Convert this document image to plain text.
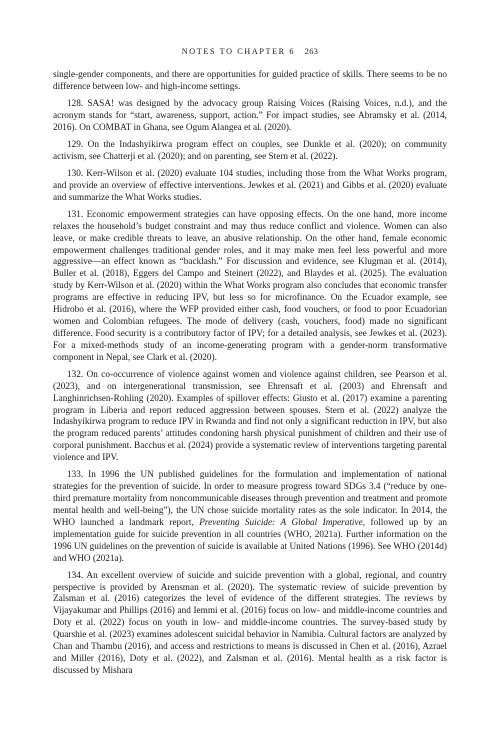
NOTES TO CHAPTER 6 263

single-gender components, and there are opportunities for guided practice of skills. There seems to be no difference between low- and high-income settings.

128. SASA! was designed by the advocacy group Raising Voices (Raising Voices, n.d.), and the acronym stands for “start, awareness, support, action.” For impact studies, see Abramsky et al. (2014, 2016). On COMBAT in Ghana, see Ogum Alangea et al. (2020).

129. On the Indashyikirwa program effect on couples, see Dunkle et al. (2020); on community activism, see Chatterji et al. (2020); and on parenting, see Stern et al. (2022).

130. Kerr-Wilson et al. (2020) evaluate 104 studies, including those from the What Works program, and provide an overview of effective interventions. Jewkes et al. (2021) and Gibbs et al. (2020) evaluate and summarize the What Works studies.

131. Economic empowerment strategies can have opposing effects. On the one hand, more income relaxes the household’s budget constraint and may thus reduce conflict and violence. Women can also leave, or make credible threats to leave, an abusive relationship. On the other hand, female economic empowerment challenges traditional gender roles, and it may make men feel less powerful and more aggressive—an effect known as “backlash.” For discussion and evidence, see Klugman et al. (2014), Buller et al. (2018), Eggers del Campo and Steinert (2022), and Blaydes et al. (2025). The evaluation study by Kerr-Wilson et al. (2020) within the What Works program also concludes that economic transfer programs are effective in reducing IPV, but less so for microfinance. On the Ecuador example, see Hidrobo et al. (2016), where the WFP provided either cash, food vouchers, or food to poor Ecuadorian women and Colombian refugees. The mode of delivery (cash, vouchers, food) made no significant difference. Food security is a contributory factor of IPV; for a detailed analysis, see Jewkes et al. (2023). For a mixed-methods study of an income-generating program with a gender-norm transformative component in Nepal, see Clark et al. (2020).

132. On co-occurrence of violence against women and violence against children, see Pearson et al. (2023), and on intergenerational transmission, see Ehrensaft et al. (2003) and Ehrensaft and Langhinrichsen-Rohling (2020). Examples of spillover effects: Giusto et al. (2017) examine a parenting program in Liberia and report reduced aggression between spouses. Stern et al. (2022) analyze the Indashyikirwa program to reduce IPV in Rwanda and find not only a significant reduction in IPV, but also the program reduced parents’ attitudes condoning harsh physical punishment of children and their use of corporal punishment. Bacchus et al. (2024) provide a systematic review of interventions targeting parental violence and IPV.

133. In 1996 the UN published guidelines for the formulation and implementation of national strategies for the prevention of suicide. In order to measure progress toward SDGs 3.4 (“reduce by one-third premature mortality from noncommunicable diseases through prevention and treatment and promote mental health and well-being”), the UN chose suicide mortality rates as the sole indicator. In 2014, the WHO launched a landmark report, Preventing Suicide: A Global Imperative, followed up by an implementation guide for suicide prevention in all countries (WHO, 2021a). Further information on the 1996 UN guidelines on the prevention of suicide is available at United Nations (1996). See WHO (2014d) and WHO (2021a).

134. An excellent overview of suicide and suicide prevention with a global, regional, and country perspective is provided by Arensman et al. (2020). The systematic review of suicide prevention by Zalsman et al. (2016) categorizes the level of evidence of the different strategies. The reviews by Vijayakumar and Phillips (2016) and Iemmi et al. (2016) focus on low- and middle-income countries and Doty et al. (2022) focus on youth in low- and middle-income countries. The survey-based study by Quarshie et al. (2023) examines adolescent suicidal behavior in Namibia. Cultural factors are analyzed by Chan and Thambu (2016), and access and restrictions to means is discussed in Chen et al. (2016), Azrael and Miller (2016), Doty et al. (2022), and Zalsman et al. (2016). Mental health as a risk factor is discussed by Mishara
